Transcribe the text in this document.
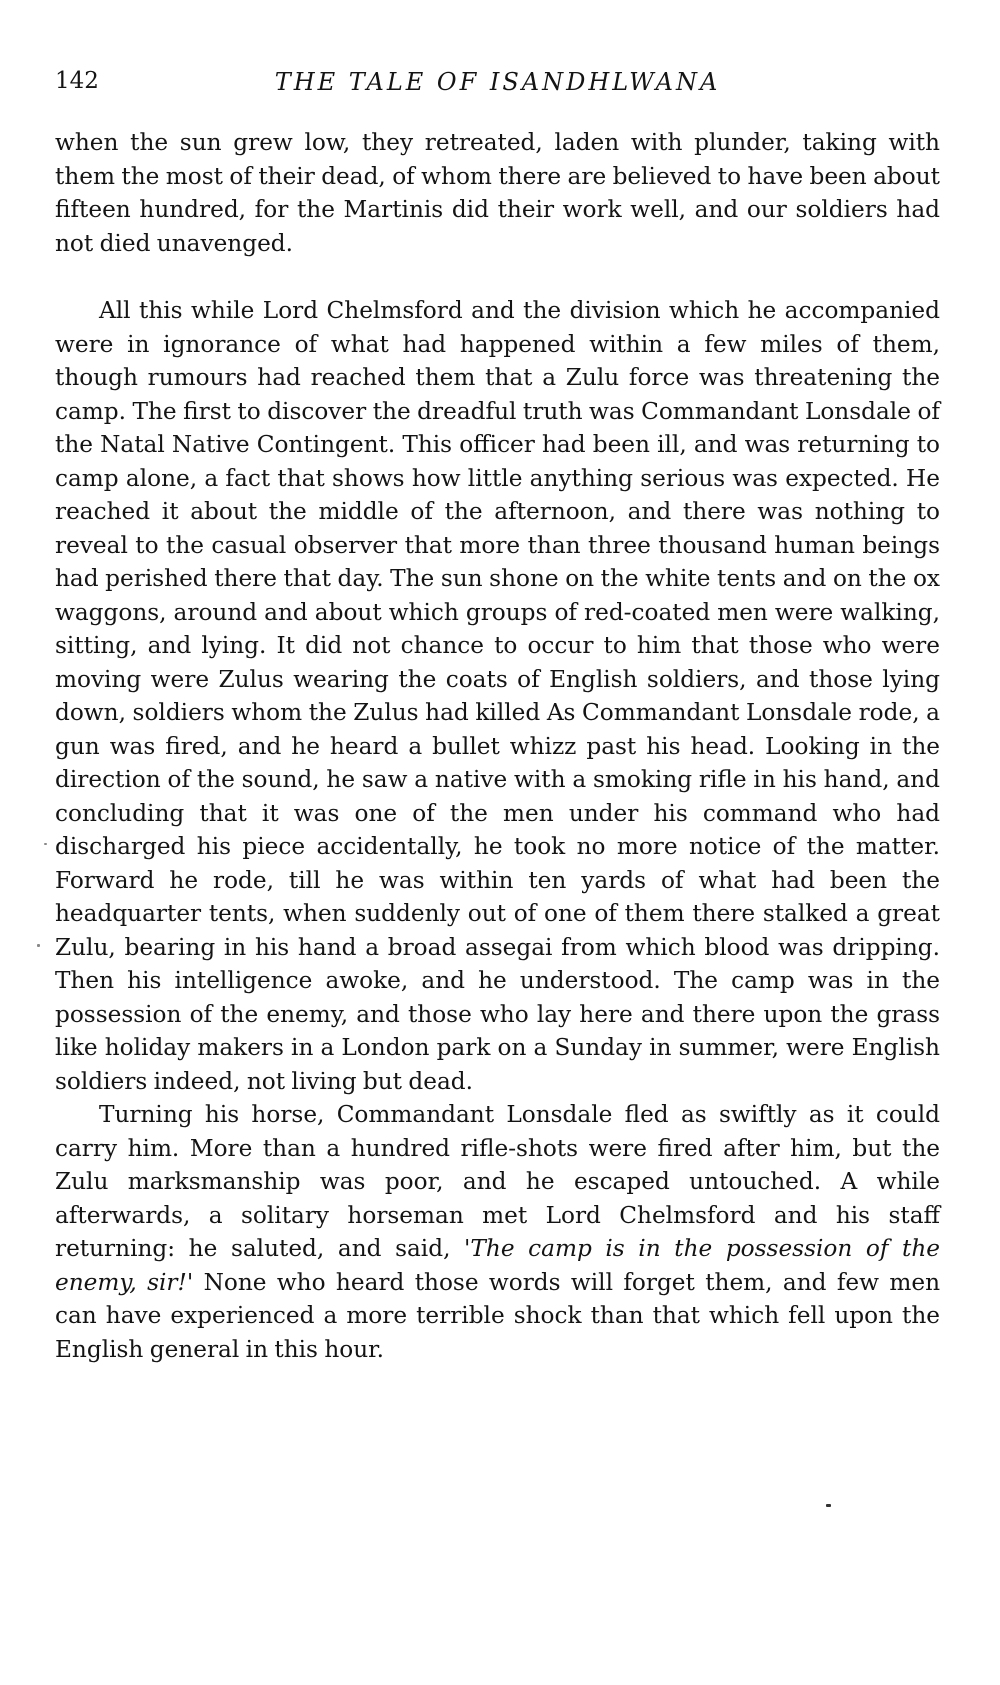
142	THE TALE OF ISANDHLWANA

when the sun grew low, they retreated, laden with plunder, taking with them the most of their dead, of whom there are believed to have been about fifteen hundred, for the Martinis did their work well, and our soldiers had not died unavenged.

All this while Lord Chelmsford and the division which he accompanied were in ignorance of what had happened within a few miles of them, though rumours had reached them that a Zulu force was threatening the camp. The first to discover the dreadful truth was Commandant Lonsdale of the Natal Native Contingent. This officer had been ill, and was returning to camp alone, a fact that shows how little anything serious was expected. He reached it about the middle of the afternoon, and there was nothing to reveal to the casual observer that more than three thousand human beings had perished there that day. The sun shone on the white tents and on the ox waggons, around and about which groups of red-coated men were walking, sitting, and lying. It did not chance to occur to him that those who were moving were Zulus wearing the coats of English soldiers, and those lying down, soldiers whom the Zulus had killed As Commandant Lonsdale rode, a gun was fired, and he heard a bullet whizz past his head. Looking in the direction of the sound, he saw a native with a smoking rifle in his hand, and concluding that it was one of the men under his command who had discharged his piece accidentally, he took no more notice of the matter. Forward he rode, till he was within ten yards of what had been the headquarter tents, when suddenly out of one of them there stalked a great Zulu, bearing in his hand a broad assegai from which blood was dripping. Then his intelligence awoke, and he understood. The camp was in the possession of the enemy, and those who lay here and there upon the grass like holiday makers in a London park on a Sunday in summer, were English soldiers indeed, not living but dead.

Turning his horse, Commandant Lonsdale fled as swiftly as it could carry him. More than a hundred rifle-shots were fired after him, but the Zulu marksmanship was poor, and he escaped untouched. A while afterwards, a solitary horseman met Lord Chelmsford and his staff returning: he saluted, and said, 'The camp is in the possession of the enemy, sir!' None who heard those words will forget them, and few men can have experienced a more terrible shock than that which fell upon the English general in this hour.
